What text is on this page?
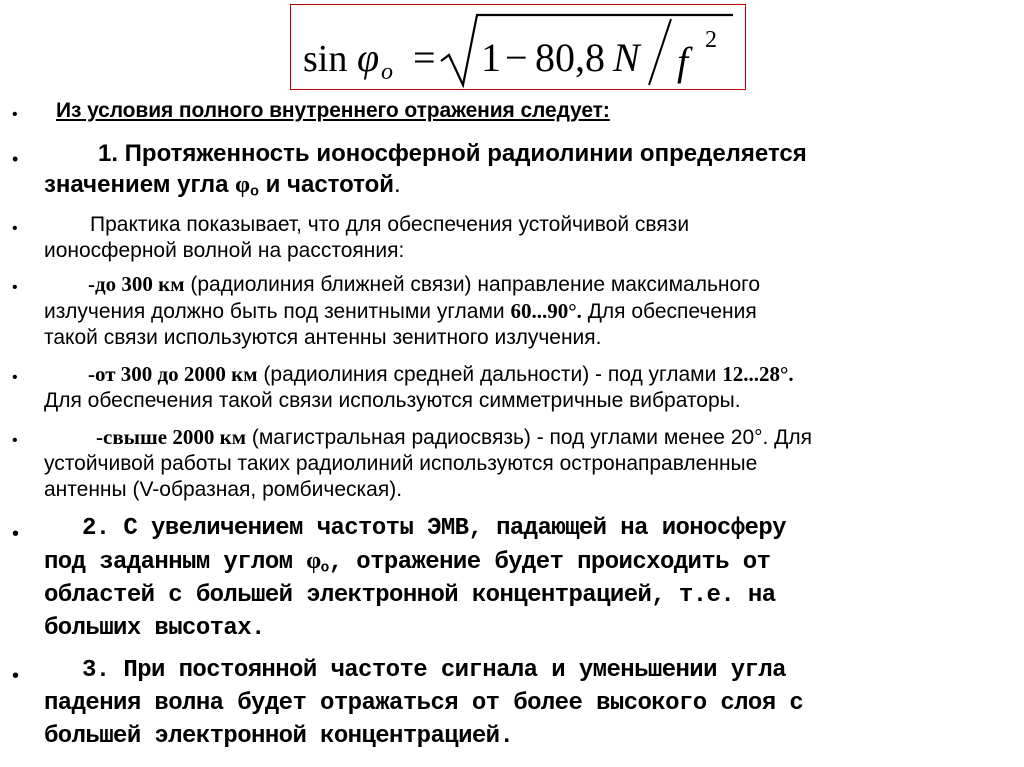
sin φ o = 1 − 80,8 N f 2
• Из условия полного внутреннего отражения следует:
•	1. Протяженность ионосферной радиолинии определяется
значением угла $\varphi_о$ и частотой.
•	Практика показывает, что для обеспечения устойчивой связи
ионосферной волной на расстояния:
•	-до 300 км (радиолиния ближней связи) направление максимального
излучения должно быть под зенитными углами 60...90°. Для обеспечения
такой связи используются антенны зенитного излучения.
•	-от 300 до 2000 км (радиолиния средней дальности) - под углами 12...28°.
Для обеспечения такой связи используются симметричные вибраторы.
•	-свыше 2000 км (магистральная радиосвязь) - под углами менее 20°. Для
устойчивой работы таких радиолиний используются остронаправленные
антенны (V-образная, ромбическая).
•	2. С увеличением частоты ЭМВ, падающей на ионосферу
под заданным углом $\varphi_о$, отражение будет происходить от
областей с большей электронной концентрацией, т.е. на
больших высотах.
•	3. При постоянной частоте сигнала и уменьшении угла
падения волна будет отражаться от более высокого слоя с
большей электронной концентрацией.
